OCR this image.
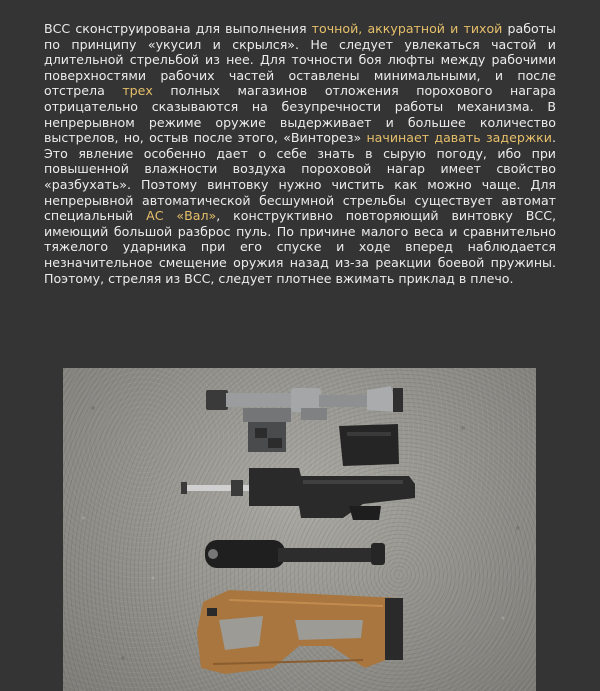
ВСС сконструирована для выполнения точной, аккуратной и тихой работы по принципу «укусил и скрылся». Не следует увлекаться частой и длительной стрельбой из нее. Для точности боя люфты между рабочими поверхностями рабочих частей оставлены минимальными, и после отстрела трех полных магазинов отложения порохового нагара отрицательно сказываются на безупречности работы механизма. В непрерывном режиме оружие выдерживает и большее количество выстрелов, но, остыв после этого, «Винторез» начинает давать задержки. Это явление особенно дает о себе знать в сырую погоду, ибо при повышенной влажности воздуха пороховой нагар имеет свойство «разбухать». Поэтому винтовку нужно чистить как можно чаще. Для непрерывной автоматической бесшумной стрельбы существует автомат специальный АС «Вал», конструктивно повторяющий винтовку ВСС, имеющий большой разброс пуль. По причине малого веса и сравнительно тяжелого ударника при его спуске и ходе вперед наблюдается незначительное смещение оружия назад из-за реакции боевой пружины. Поэтому, стреляя из ВСС, следует плотнее вжимать приклад в плечо.
